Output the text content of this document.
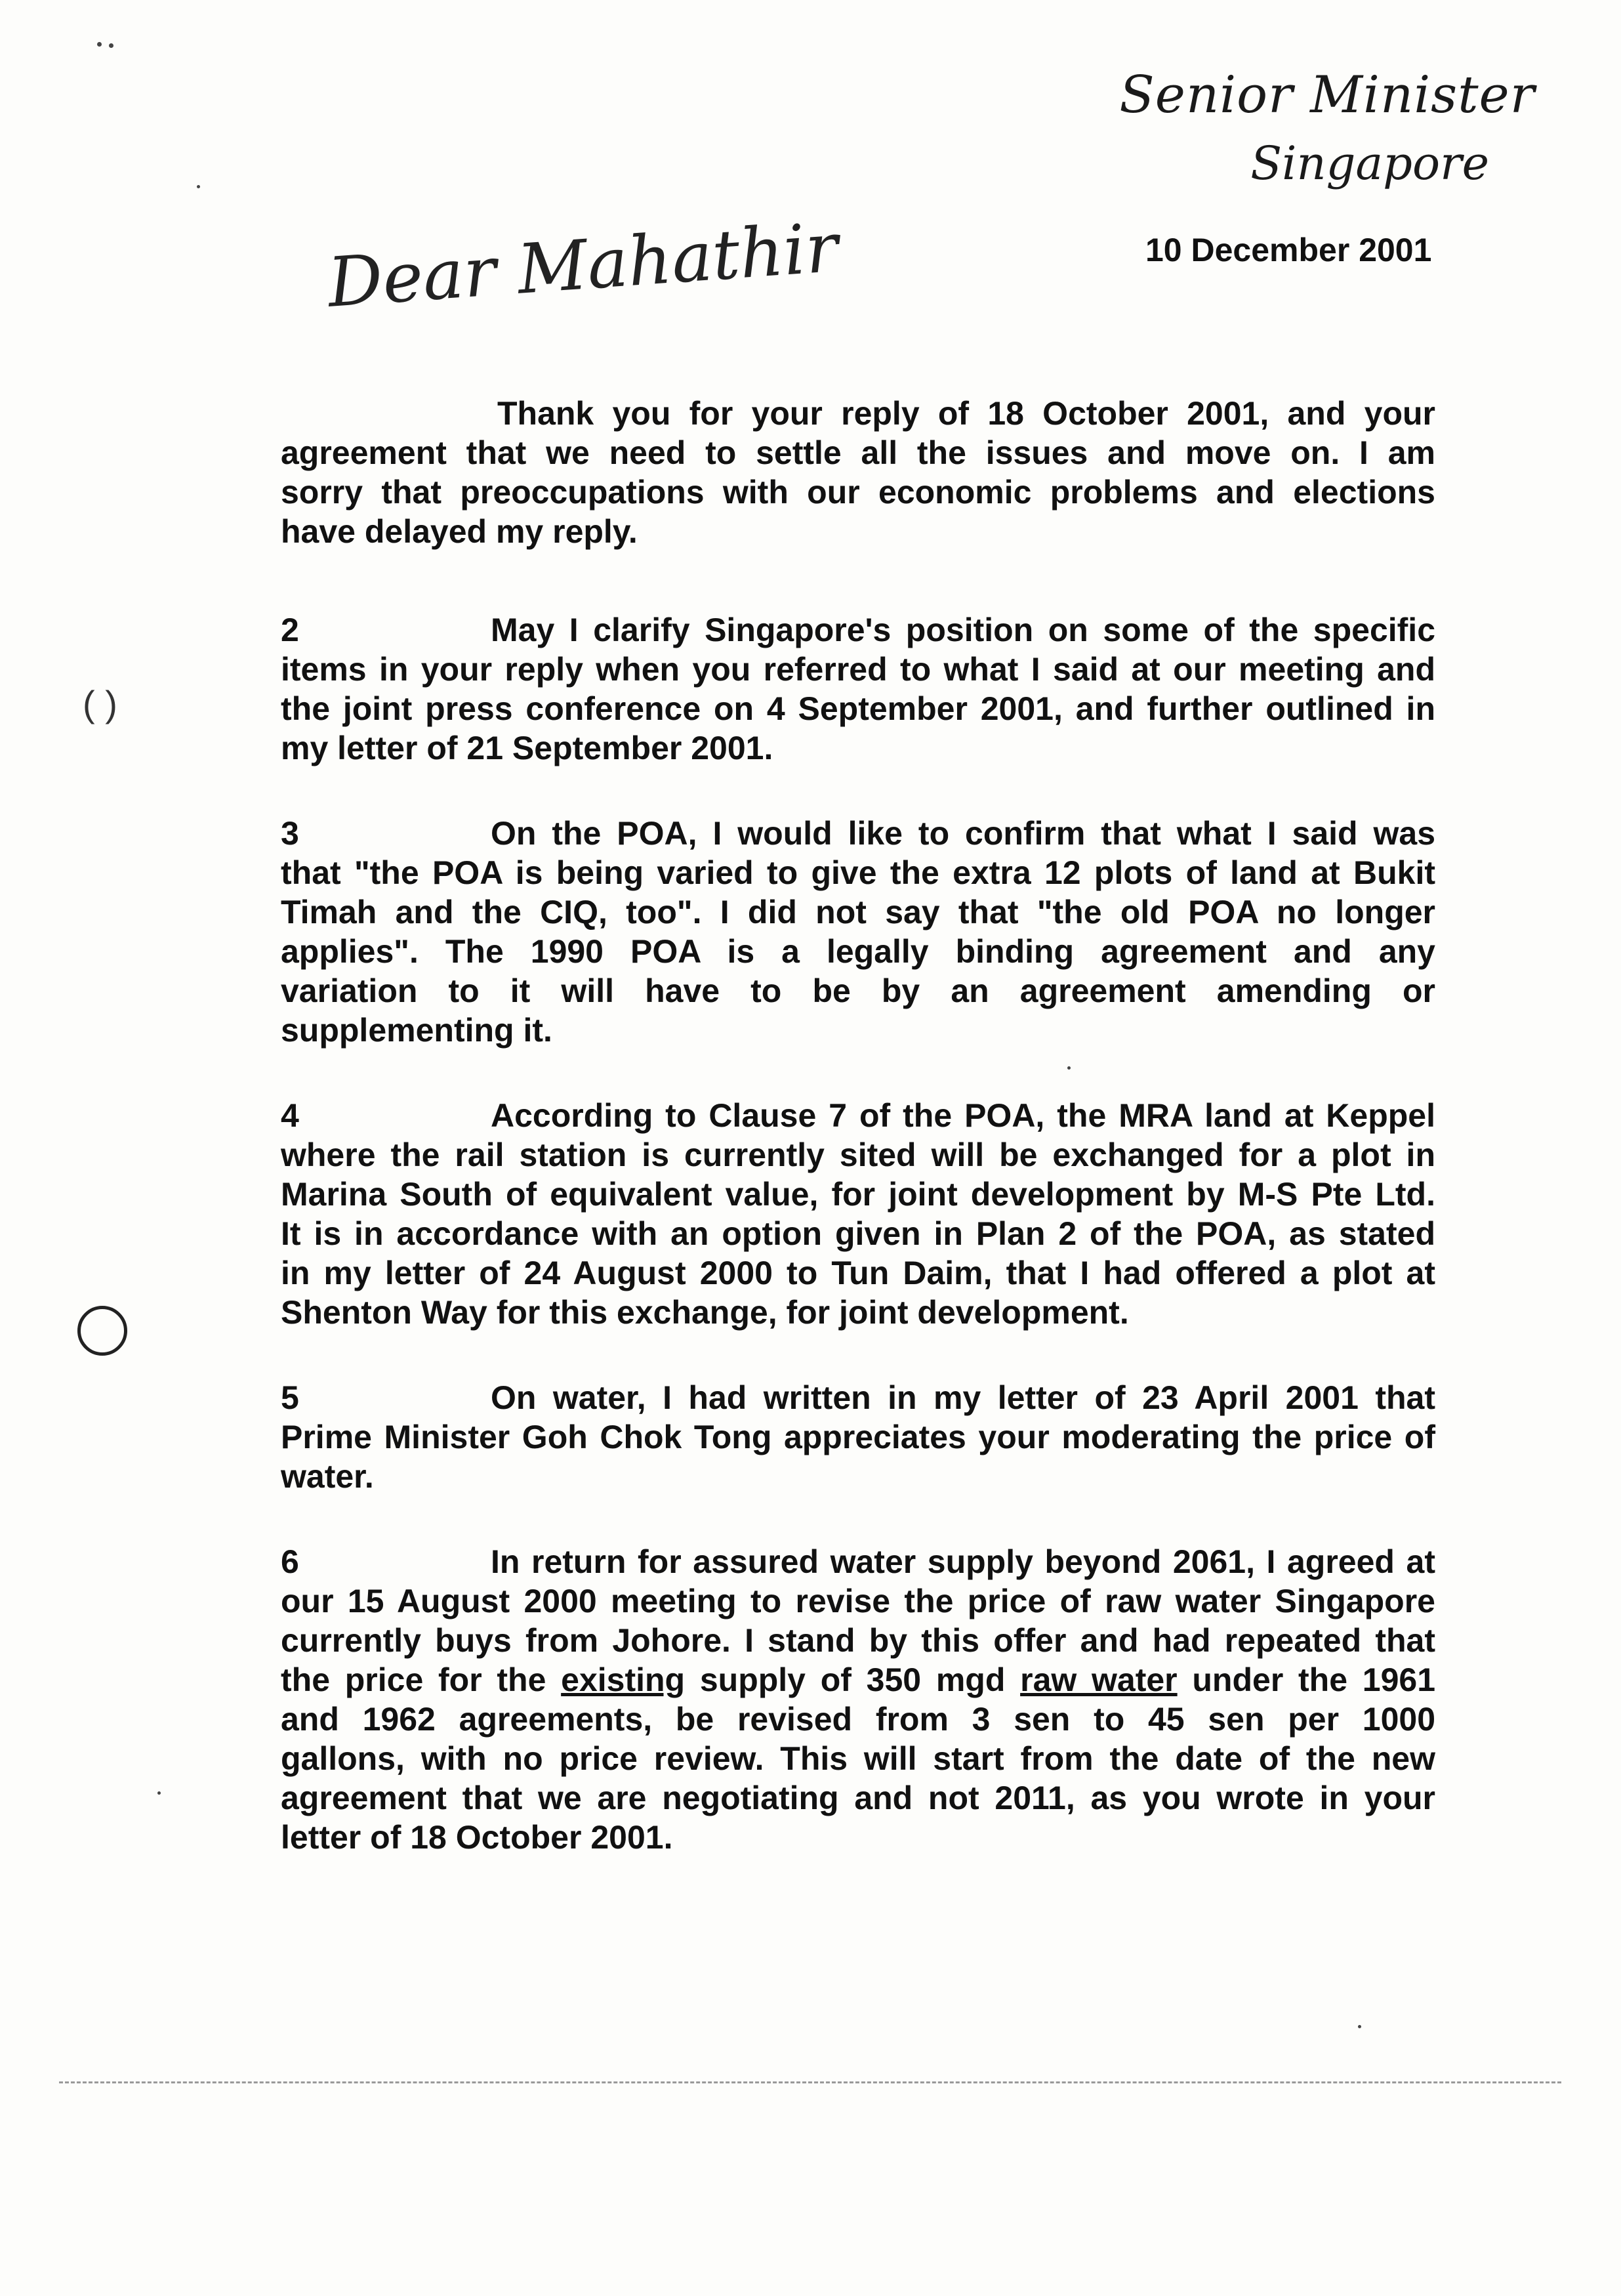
Senior Minister
Singapore
10 December 2001
Dear Mahathir
Thank you for your reply of 18 October 2001, and your
agreement that we need to settle all the issues and move on. I am
sorry that preoccupations with our economic problems and elections
have delayed my reply.
2	May I clarify Singapore's position on some of the specific
items in your reply when you referred to what I said at our meeting and
the joint press conference on 4 September 2001, and further outlined in
my letter of 21 September 2001.
3	On the POA, I would like to confirm that what I said was
that "the POA is being varied to give the extra 12 plots of land at Bukit
Timah and the CIQ, too". I did not say that "the old POA no longer
applies". The 1990 POA is a legally binding agreement and any
variation to it will have to be by an agreement amending or
supplementing it.
4	According to Clause 7 of the POA, the MRA land at Keppel
where the rail station is currently sited will be exchanged for a plot in
Marina South of equivalent value, for joint development by M-S Pte Ltd.
It is in accordance with an option given in Plan 2 of the POA, as stated
in my letter of 24 August 2000 to Tun Daim, that I had offered a plot at
Shenton Way for this exchange, for joint development.
5	On water, I had written in my letter of 23 April 2001 that
Prime Minister Goh Chok Tong appreciates your moderating the price of
water.
6	In return for assured water supply beyond 2061, I agreed at
our 15 August 2000 meeting to revise the price of raw water Singapore
currently buys from Johore. I stand by this offer and had repeated that
the price for the existing supply of 350 mgd raw water under the 1961
and 1962 agreements, be revised from 3 sen to 45 sen per 1000
gallons, with no price review. This will start from the date of the new
agreement that we are negotiating and not 2011, as you wrote in your
letter of 18 October 2001.
( )
